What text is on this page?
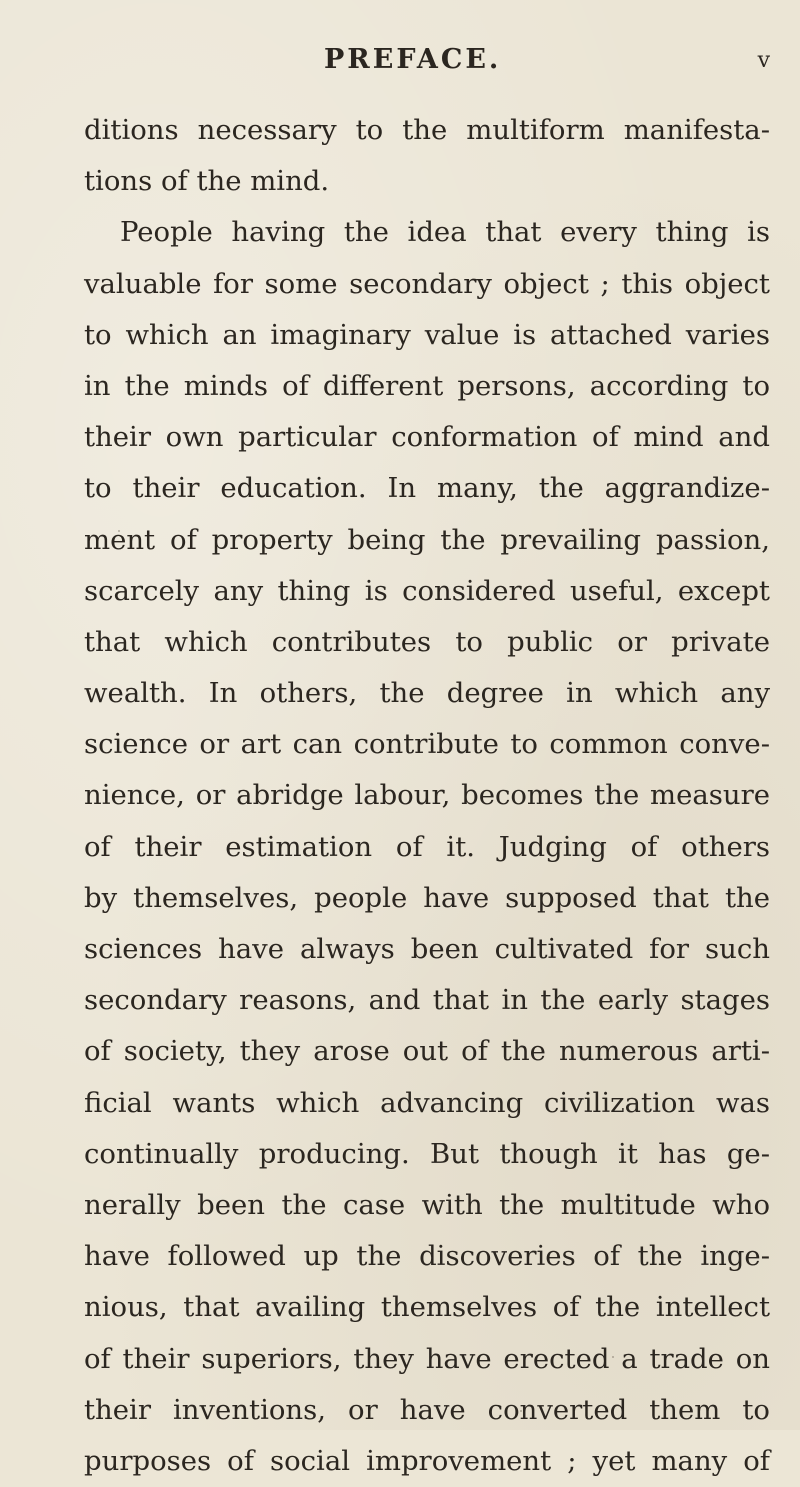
PREFACE.	v
ditions necessary to the multiform manifesta-
tions of the mind.
People having the idea that every thing is
valuable for some secondary object ; this object
to which an imaginary value is attached varies
in the minds of different persons, according to
their own particular conformation of mind and
to their education. In many, the aggrandize-
ment of property being the prevailing passion,
scarcely any thing is considered useful, except
that which contributes to public or private
wealth. In others, the degree in which any
science or art can contribute to common conve-
nience, or abridge labour, becomes the measure
of their estimation of it. Judging of others
by themselves, people have supposed that the
sciences have always been cultivated for such
secondary reasons, and that in the early stages
of society, they arose out of the numerous arti-
ficial wants which advancing civilization was
continually producing. But though it has ge-
nerally been the case with the multitude who
have followed up the discoveries of the inge-
nious, that availing themselves of the intellect
of their superiors, they have erected a trade on
their inventions, or have converted them to
purposes of social improvement ; yet many of
